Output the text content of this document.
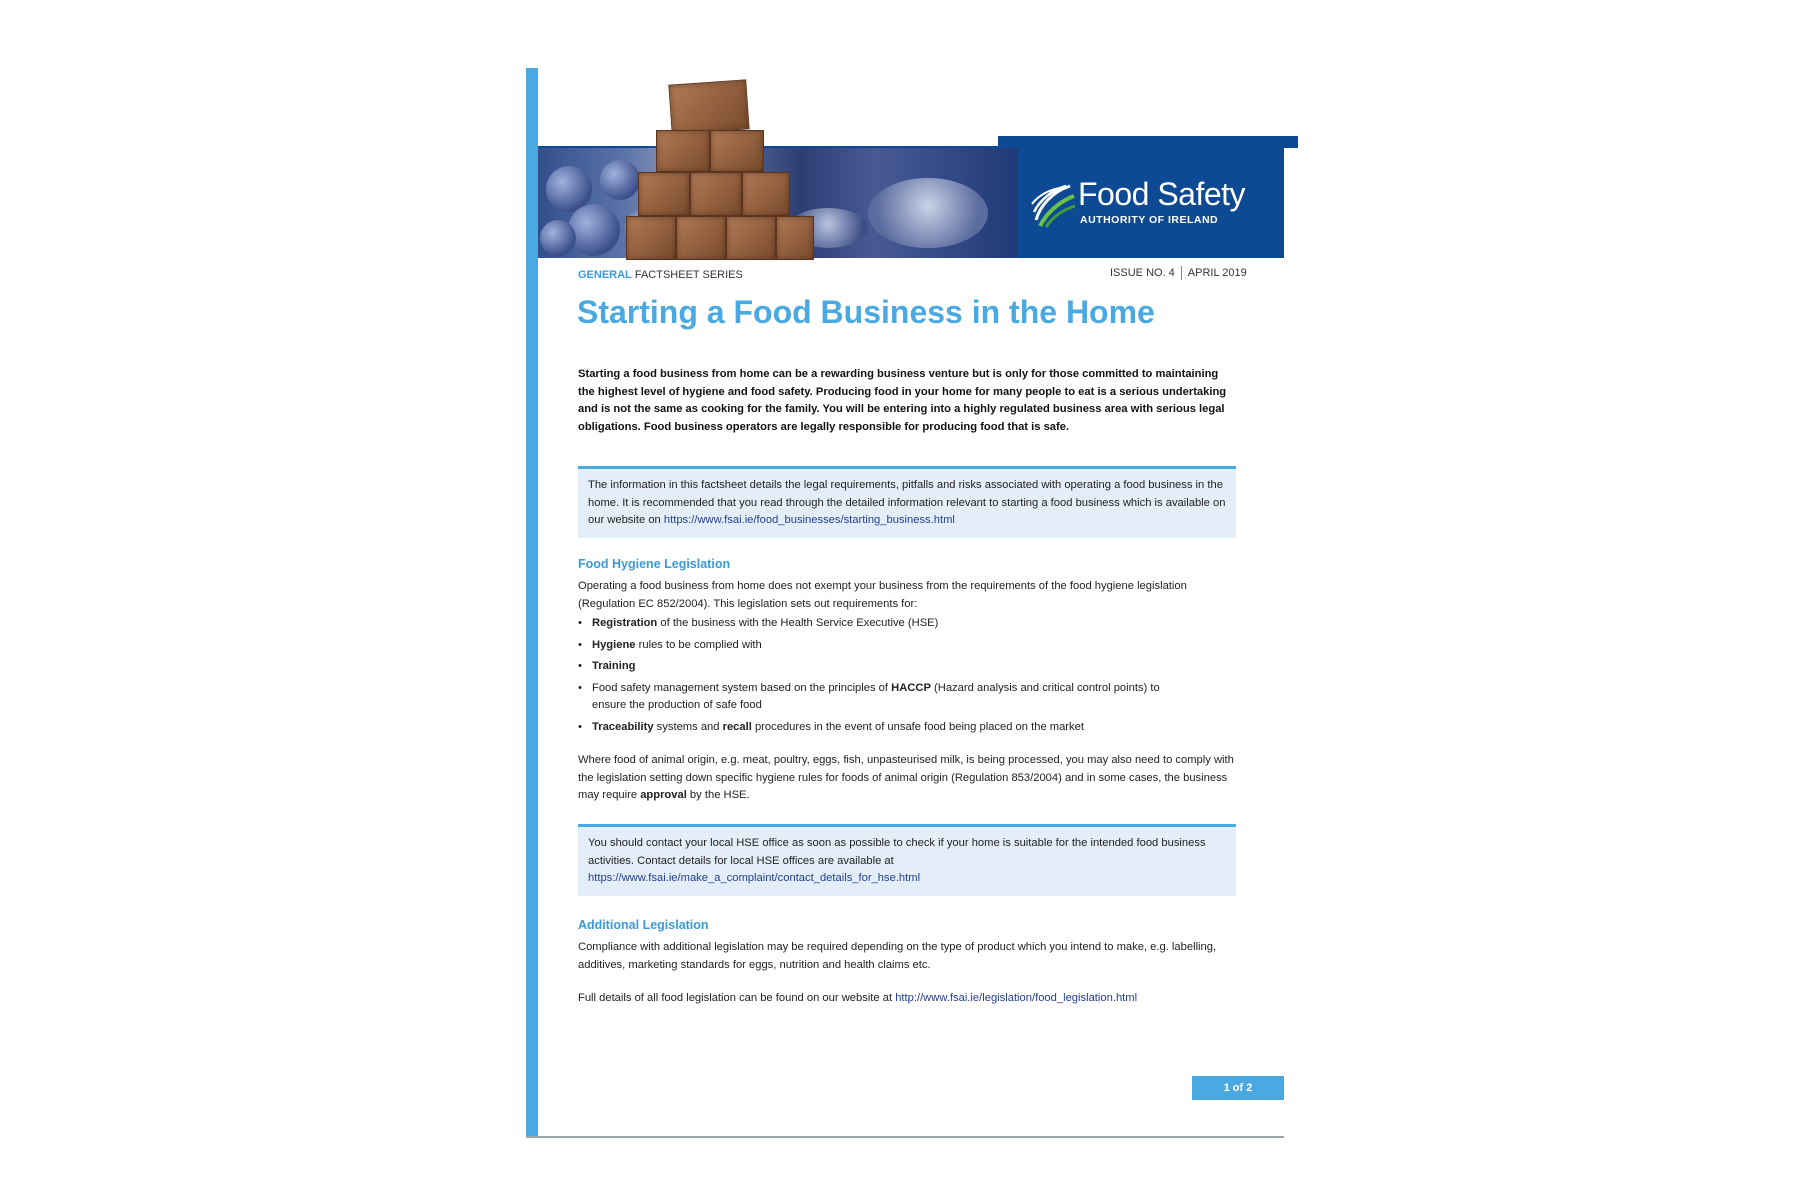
Food Safety
AUTHORITY OF IRELAND
GENERAL FACTSHEET SERIES	ISSUE NO. 4 APRIL 2019
Starting a Food Business in the Home
Starting a food business from home can be a rewarding business venture but is only for those committed to maintaining the highest level of hygiene and food safety. Producing food in your home for many people to eat is a serious undertaking and is not the same as cooking for the family. You will be entering into a highly regulated business area with serious legal obligations. Food business operators are legally responsible for producing food that is safe.
The information in this factsheet details the legal requirements, pitfalls and risks associated with operating a food business in the home. It is recommended that you read through the detailed information relevant to starting a food business which is available on our website on https://www.fsai.ie/food_businesses/starting_business.html
Food Hygiene Legislation
Operating a food business from home does not exempt your business from the requirements of the food hygiene legislation (Regulation EC 852/2004). This legislation sets out requirements for:
• Registration of the business with the Health Service Executive (HSE)
• Hygiene rules to be complied with
• Training
• Food safety management system based on the principles of HACCP (Hazard analysis and critical control points) to ensure the production of safe food
• Traceability systems and recall procedures in the event of unsafe food being placed on the market
Where food of animal origin, e.g. meat, poultry, eggs, fish, unpasteurised milk, is being processed, you may also need to comply with the legislation setting down specific hygiene rules for foods of animal origin (Regulation 853/2004) and in some cases, the business may require approval by the HSE.
You should contact your local HSE office as soon as possible to check if your home is suitable for the intended food business activities. Contact details for local HSE offices are available at https://www.fsai.ie/make_a_complaint/contact_details_for_hse.html
Additional Legislation
Compliance with additional legislation may be required depending on the type of product which you intend to make, e.g. labelling, additives, marketing standards for eggs, nutrition and health claims etc.
Full details of all food legislation can be found on our website at http://www.fsai.ie/legislation/food_legislation.html
1 of 2
